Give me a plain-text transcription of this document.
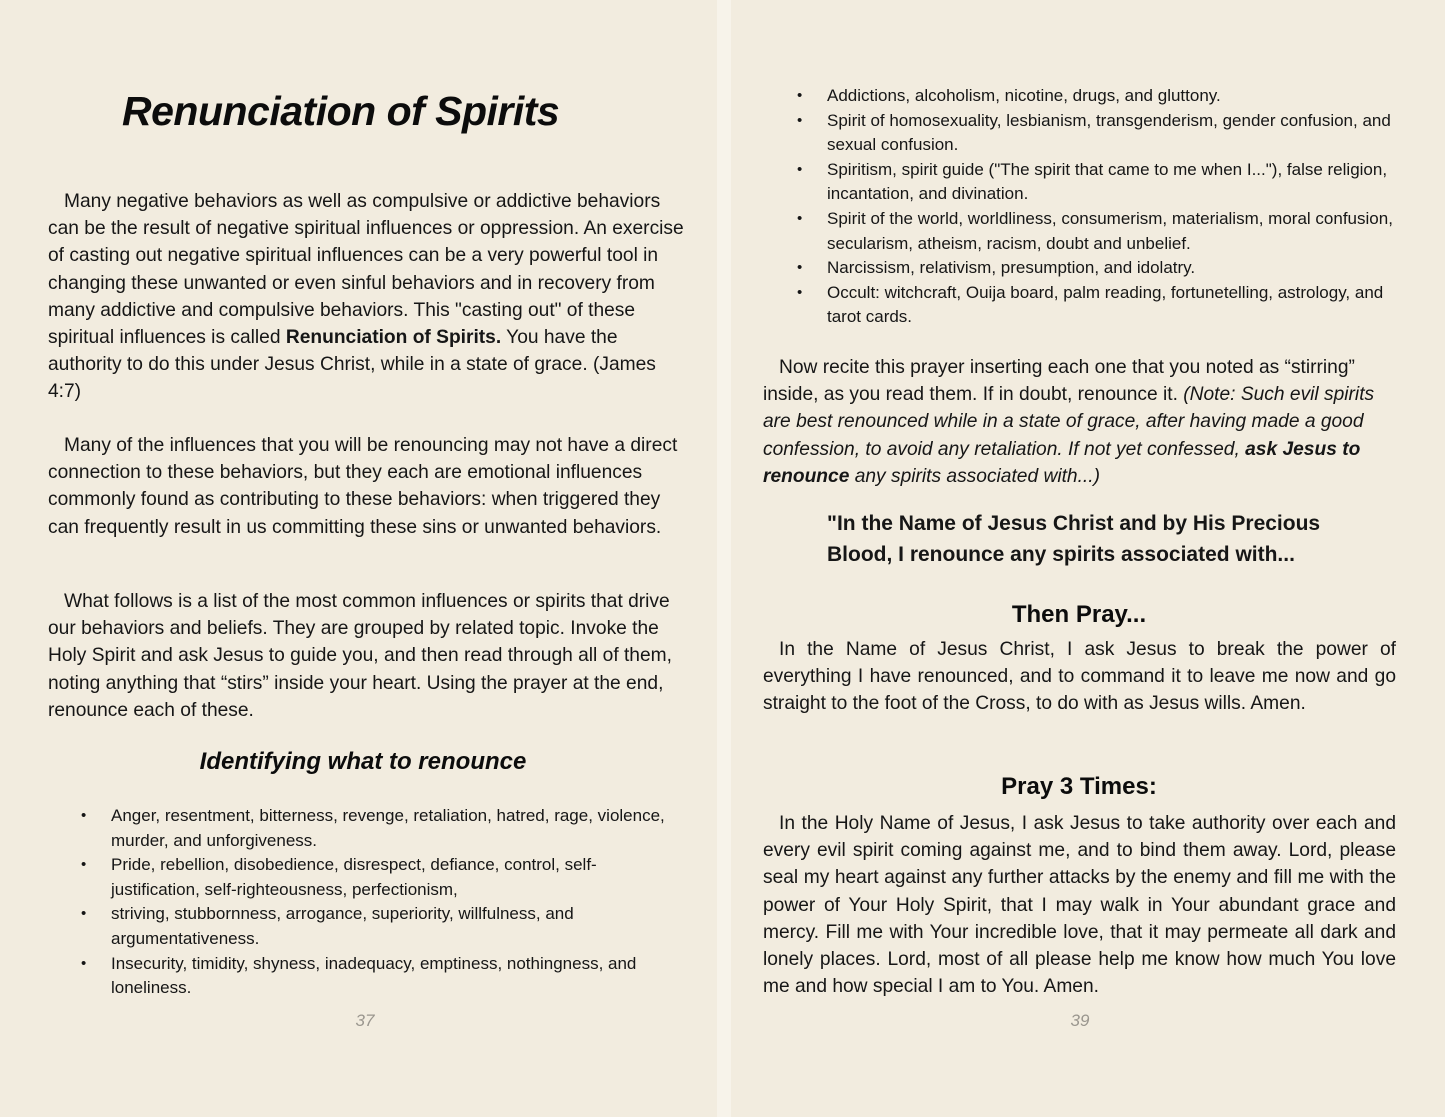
Renunciation of Spirits

Many negative behaviors as well as compulsive or addictive behaviors can be the result of negative spiritual influences or oppression. An exercise of casting out negative spiritual influences can be a very powerful tool in changing these unwanted or even sinful behaviors and in recovery from many addictive and compulsive behaviors. This "casting out" of these spiritual influences is called Renunciation of Spirits. You have the authority to do this under Jesus Christ, while in a state of grace. (James 4:7)

Many of the influences that you will be renouncing may not have a direct connection to these behaviors, but they each are emotional influences commonly found as contributing to these behaviors: when triggered they can frequently result in us committing these sins or unwanted behaviors.

What follows is a list of the most common influences or spirits that drive our behaviors and beliefs. They are grouped by related topic. Invoke the Holy Spirit and ask Jesus to guide you, and then read through all of them, noting anything that “stirs” inside your heart. Using the prayer at the end, renounce each of these.

Identifying what to renounce
• Anger, resentment, bitterness, revenge, retaliation, hatred, rage, violence, murder, and unforgiveness.
• Pride, rebellion, disobedience, disrespect, defiance, control, self-justification, self-righteousness, perfectionism,
• striving, stubbornness, arrogance, superiority, willfulness, and argumentativeness.
• Insecurity, timidity, shyness, inadequacy, emptiness, nothingness, and loneliness.
37
• Addictions, alcoholism, nicotine, drugs, and gluttony.
• Spirit of homosexuality, lesbianism, transgenderism, gender confusion, and sexual confusion.
• Spiritism, spirit guide ("The spirit that came to me when I..."), false religion, incantation, and divination.
• Spirit of the world, worldliness, consumerism, materialism, moral confusion, secularism, atheism, racism, doubt and unbelief.
• Narcissism, relativism, presumption, and idolatry.
• Occult: witchcraft, Ouija board, palm reading, fortunetelling, astrology, and tarot cards.

Now recite this prayer inserting each one that you noted as “stirring” inside, as you read them. If in doubt, renounce it. (Note: Such evil spirits are best renounced while in a state of grace, after having made a good confession, to avoid any retaliation. If not yet confessed, ask Jesus to renounce any spirits associated with...)

"In the Name of Jesus Christ and by His Precious Blood, I renounce any spirits associated with...

Then Pray...

In the Name of Jesus Christ, I ask Jesus to break the power of everything I have renounced, and to command it to leave me now and go straight to the foot of the Cross, to do with as Jesus wills. Amen.

Pray 3 Times:

In the Holy Name of Jesus, I ask Jesus to take authority over each and every evil spirit coming against me, and to bind them away. Lord, please seal my heart against any further attacks by the enemy and fill me with the power of Your Holy Spirit, that I may walk in Your abundant grace and mercy. Fill me with Your incredible love, that it may permeate all dark and lonely places. Lord, most of all please help me know how much You love me and how special I am to You. Amen.

39
